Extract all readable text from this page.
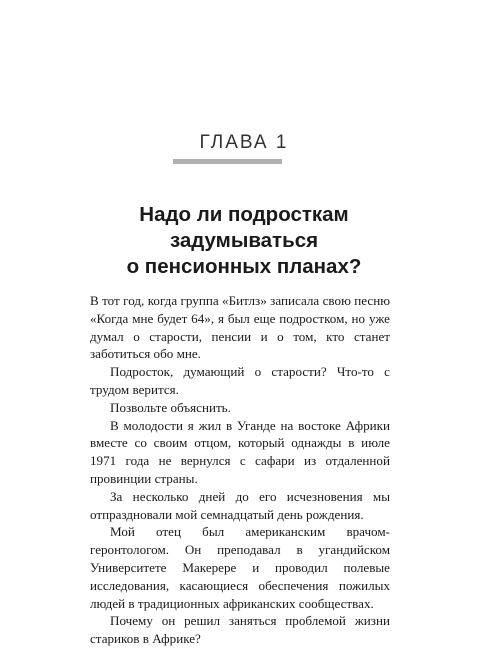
ГЛАВА 1
Надо ли подросткам
задумываться
о пенсионных планах?

В тот год, когда группа «Битлз» записала свою песню «Когда мне будет 64», я был еще подростком, но уже думал о старости, пенсии и о том, кто станет заботиться обо мне.

Подросток, думающий о старости? Что-то с трудом верится.

Позвольте объяснить.

В молодости я жил в Уганде на востоке Африки вместе со своим отцом, который однажды в июле 1971 года не вернулся с сафари из отдаленной провинции страны.

За несколько дней до его исчезновения мы отпраздновали мой семнадцатый день рождения.

Мой отец был американским врачом-геронтологом. Он преподавал в угандийском Университете Макерере и проводил полевые исследования, касающиеся обеспечения пожилых людей в традиционных африканских сообществах.

Почему он решил заняться проблемой жизни стариков в Африке?
